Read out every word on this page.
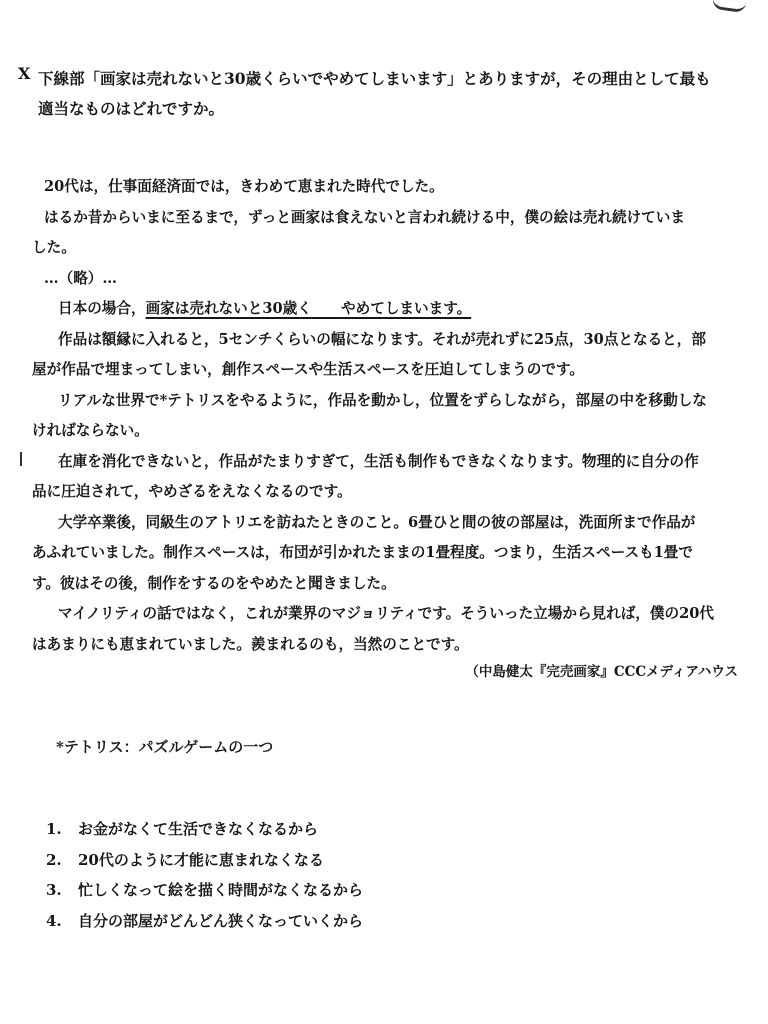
X 下線部「画家は売れないと30歳くらいでやめてしまいます」とありますが，その理由として最も

適当なものはどれですか。

20代は，仕事面経済面では，きわめて恵まれた時代でした。

はるか昔からいまに至るまで，ずっと画家は食えないと言われ続ける中，僕の絵は売れ続けていま

した。

…（略）…

日本の場合，画家は売れないと30歳く　　 やめてしまいます。

作品は額縁に入れると，5センチくらいの幅になります。それが売れずに25点，30点となると，部

屋が作品で埋まってしまい，創作スペースや生活スペースを圧迫してしまうのです。

リアルな世界で*テトリスをやるように，作品を動かし，位置をずらしながら，部屋の中を移動しな

ければならない。

在庫を消化できないと，作品がたまりすぎて，生活も制作もできなくなります。物理的に自分の作

品に圧迫されて，やめざるをえなくなるのです。

大学卒業後，同級生のアトリエを訪ねたときのこと。6畳ひと間の彼の部屋は，洗面所まで作品が

あふれていました。制作スペースは，布団が引かれたままの1畳程度。つまり，生活スペースも1畳で

す。彼はその後，制作をするのをやめたと聞きました。

マイノリティの話ではなく，これが業界のマジョリティです。そういった立場から見れば，僕の20代

はあまりにも恵まれていました。羨まれるのも，当然のことです。

（中島健太『完売画家』CCCメディアハウス
*テトリス：パズルゲームの一つ
1.	お金がなくて生活できなくなるから
2.	20代のように才能に恵まれなくなる
3.	忙しくなって絵を描く時間がなくなるから
4.	自分の部屋がどんどん狭くなっていくから
